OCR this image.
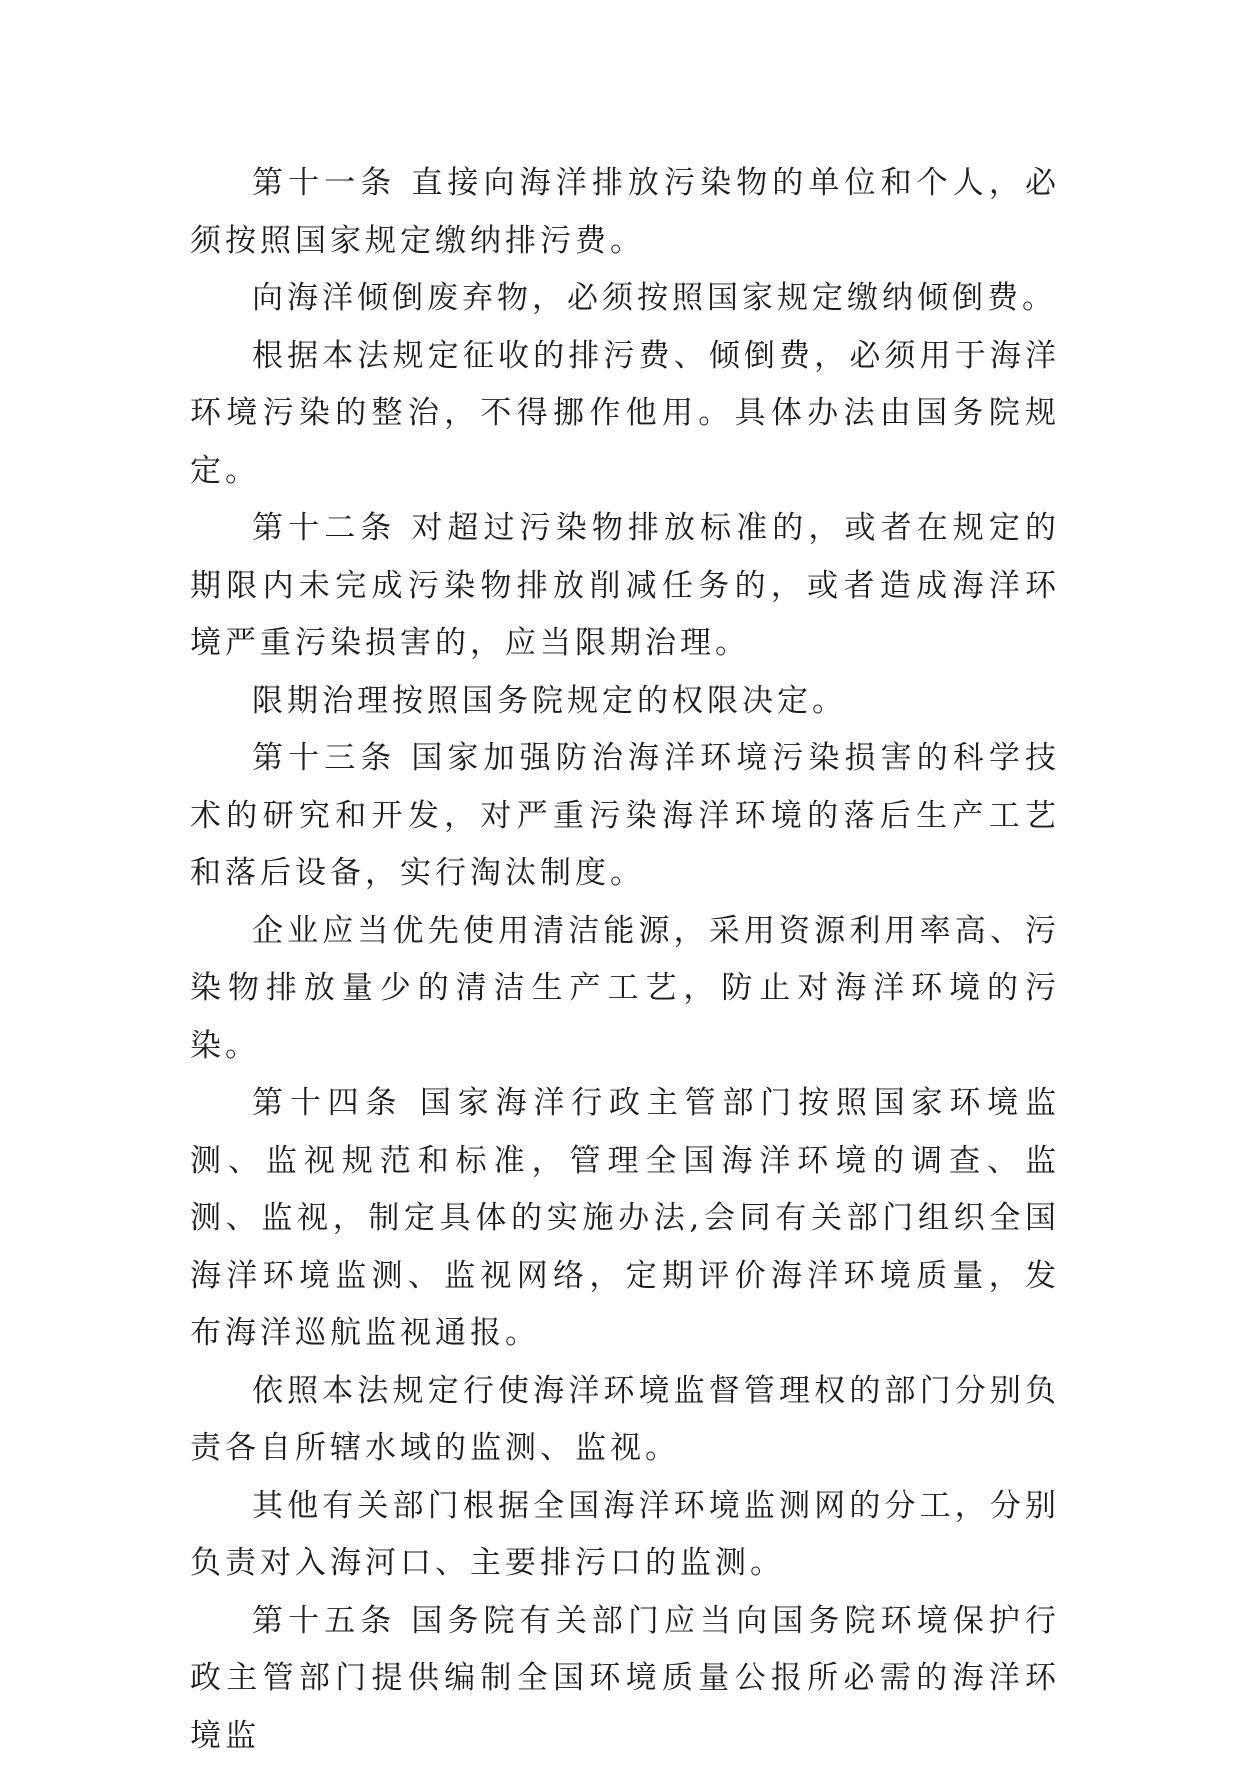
第十一条 直接向海洋排放污染物的单位和个人，必须按照国家规定缴纳排污费。

向海洋倾倒废弃物，必须按照国家规定缴纳倾倒费。

根据本法规定征收的排污费、倾倒费，必须用于海洋环境污染的整治，不得挪作他用。具体办法由国务院规定。

第十二条 对超过污染物排放标准的，或者在规定的期限内未完成污染物排放削减任务的，或者造成海洋环境严重污染损害的，应当限期治理。

限期治理按照国务院规定的权限决定。

第十三条 国家加强防治海洋环境污染损害的科学技术的研究和开发，对严重污染海洋环境的落后生产工艺和落后设备，实行淘汰制度。

企业应当优先使用清洁能源，采用资源利用率高、污染物排放量少的清洁生产工艺，防止对海洋环境的污染。

第十四条 国家海洋行政主管部门按照国家环境监测、监视规范和标准，管理全国海洋环境的调查、监测、监视，制定具体的实施办法,会同有关部门组织全国海洋环境监测、监视网络，定期评价海洋环境质量，发布海洋巡航监视通报。

依照本法规定行使海洋环境监督管理权的部门分别负责各自所辖水域的监测、监视。

其他有关部门根据全国海洋环境监测网的分工，分别负责对入海河口、主要排污口的监测。

第十五条 国务院有关部门应当向国务院环境保护行政主管部门提供编制全国环境质量公报所必需的海洋环境监
